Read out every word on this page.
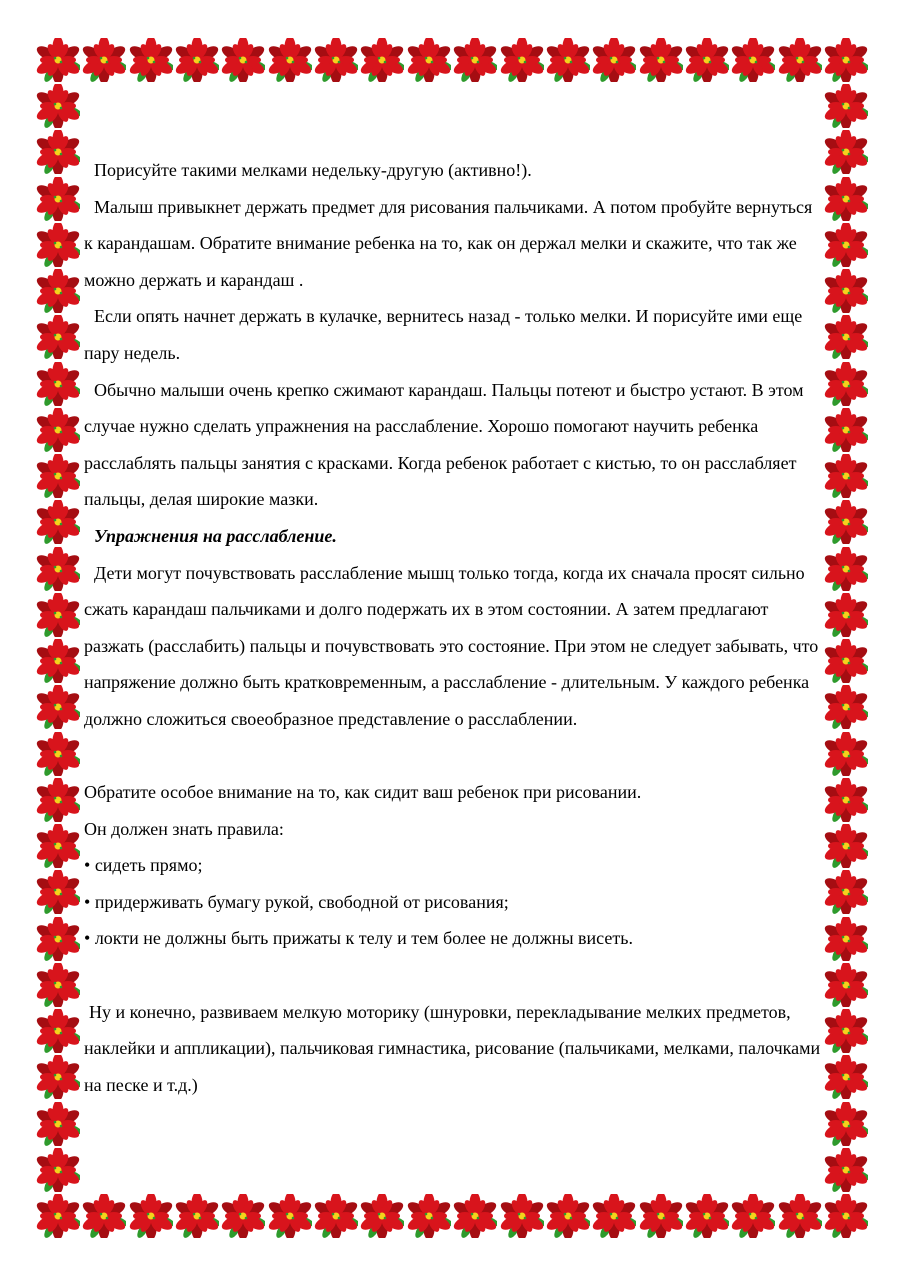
Порисуйте такими мелками недельку-другую (активно!).

Малыш привыкнет держать предмет для рисования пальчиками. А потом пробуйте вернуться к карандашам. Обратите внимание ребенка на то, как он держал мелки и скажите, что так же можно держать и карандаш .

Если опять начнет держать в кулачке, вернитесь назад - только мелки. И порисуйте ими еще пару недель.

Обычно малыши очень крепко сжимают карандаш. Пальцы потеют и быстро устают. В этом случае нужно сделать упражнения на расслабление. Хорошо помогают научить ребенка расслаблять пальцы занятия с красками. Когда ребенок работает с кистью, то он расслабляет пальцы, делая широкие мазки.

Упражнения на расслабление.

Дети могут почувствовать расслабление мышц только тогда, когда их сначала просят сильно сжать карандаш пальчиками и долго подержать их в этом состоянии. А затем предлагают разжать (расслабить) пальцы и почувствовать это состояние. При этом не следует забывать, что напряжение должно быть кратковременным, а расслабление - длительным. У каждого ребенка должно сложиться своеобразное представление о расслаблении.

Обратите особое внимание на то, как сидит ваш ребенок при рисовании.

Он должен знать правила:

• сидеть прямо;

• придерживать бумагу рукой, свободной от рисования;

• локти не должны быть прижаты к телу и тем более не должны висеть.

Ну и конечно, развиваем мелкую моторику (шнуровки, перекладывание мелких предметов, наклейки и аппликации), пальчиковая гимнастика, рисование (пальчиками, мелками, палочками на песке и т.д.)
